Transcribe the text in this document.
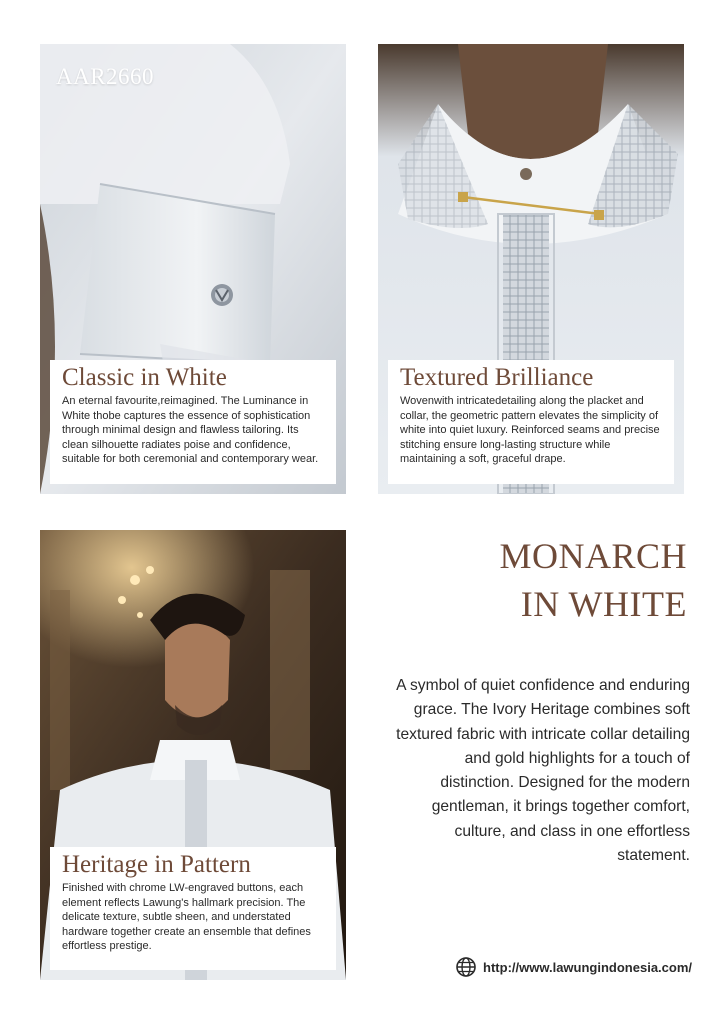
AAR2660
Classic in White

An eternal favourite,reimagined. The Luminance in White thobe captures the essence of sophistication through minimal design and flawless tailoring. Its clean silhouette radiates poise and confidence, suitable for both ceremonial and contemporary wear.

Textured Brilliance

Wovenwith intricatedetailing along the placket and collar, the geometric pattern elevates the simplicity of white into quiet luxury. Reinforced seams and precise stitching ensure long-lasting structure while maintaining a soft, graceful drape.

Heritage in Pattern

Finished with chrome LW-engraved buttons, each element reflects Lawung's hallmark precision. The delicate texture, subtle sheen, and understated hardware together create an ensemble that defines effortless prestige.

MONARCH
IN WHITE

A symbol of quiet confidence and enduring grace. The Ivory Heritage combines soft textured fabric with intricate collar detailing and gold highlights for a touch of distinction. Designed for the modern gentleman, it brings together comfort, culture, and class in one effortless statement.

http://www.lawungindonesia.com/
